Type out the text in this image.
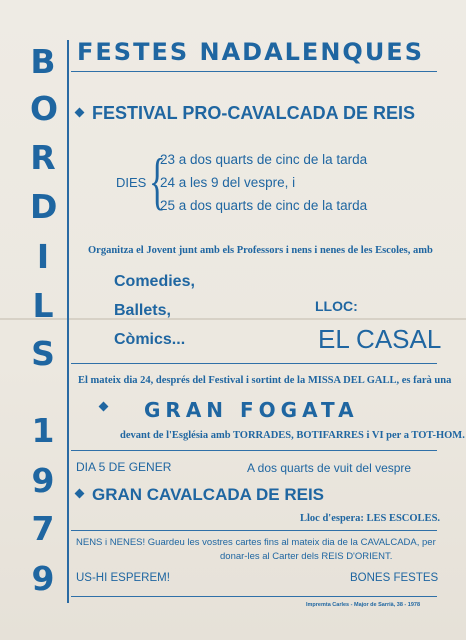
B
O
R
D
I
L
S
1
9
7
9
FESTES NADALENQUES
FESTIVAL PRO-CAVALCADA DE REIS
DIES {
23 a dos quarts de cinc de la tarda
24 a les 9 del vespre, i
25 a dos quarts de cinc de la tarda
Organitza el Jovent junt amb els Professors i nens i nenes de les Escoles, amb
Comedies,
Ballets,
Còmics...
LLOC:
EL CASAL
El mateix dia 24, després del Festival i sortint de la MISSA DEL GALL, es farà una
GRAN FOGATA
devant de l'Església amb TORRADES, BOTIFARRES i VI per a TOT-HOM.
DIA 5 DE GENER	A dos quarts de vuit del vespre
GRAN CAVALCADA DE REIS
Lloc d'espera: LES ESCOLES.
NENS i NENES! Guardeu les vostres cartes fins al mateix dia de la CAVALCADA, per
donar-les al Carter dels REIS D'ORIENT.
US-HI ESPEREM!	BONES FESTES
Impremta Carles - Major de Sarrià, 38 - 1978
